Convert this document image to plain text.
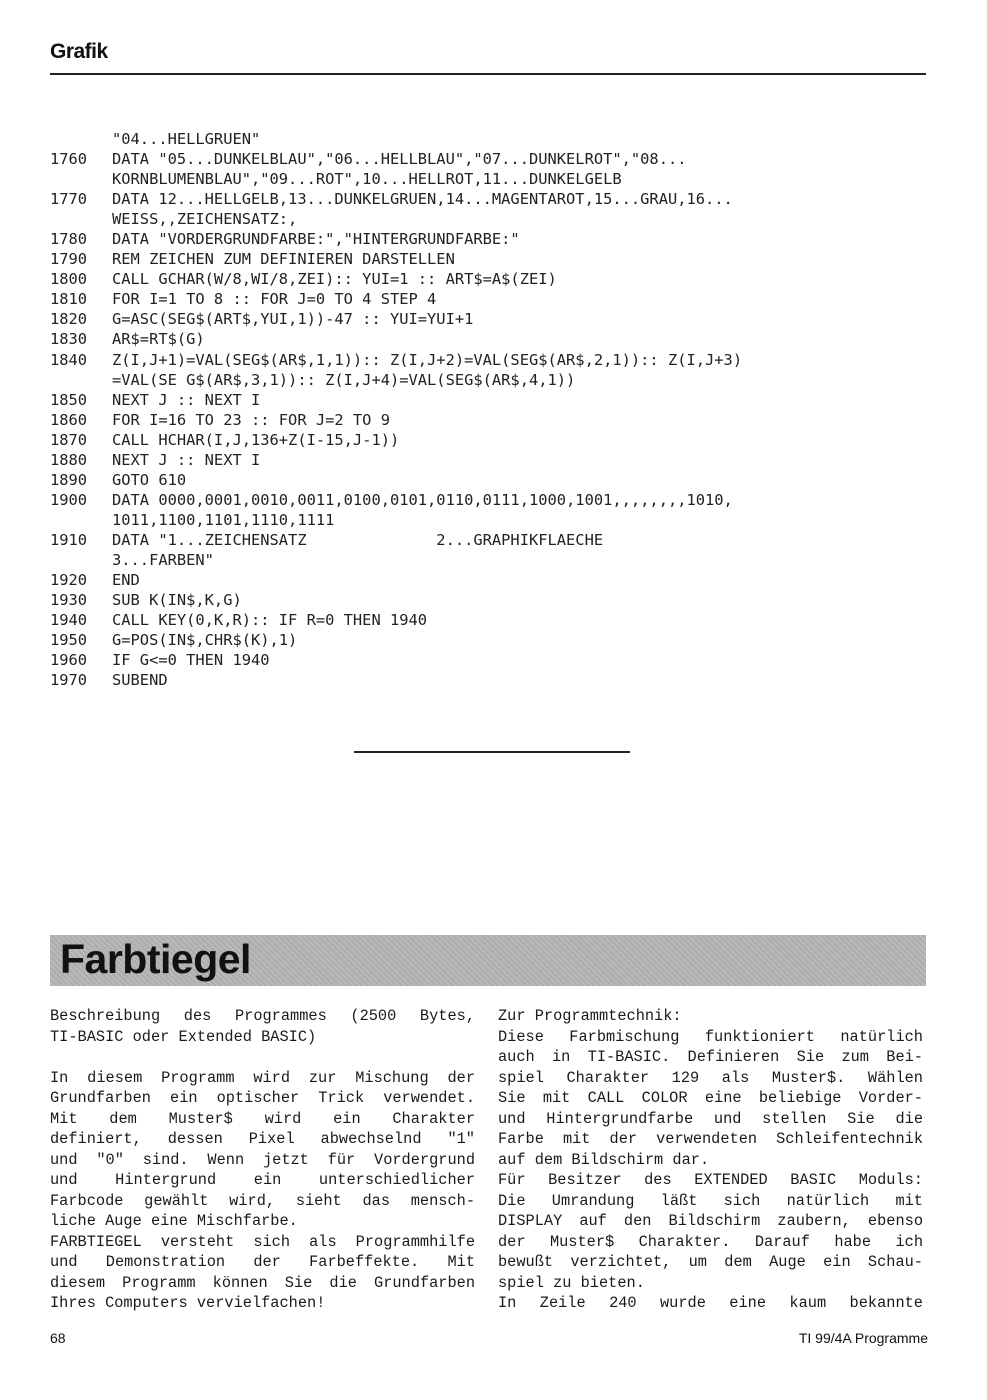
Grafik
"04...HELLGRUEN"
1760 DATA "05...DUNKELBLAU","06...HELLBLAU","07...DUNKELROT","08...
KORNBLUMENBLAU","09...ROT",10...HELLROT,11...DUNKELGELB
1770 DATA 12...HELLGELB,13...DUNKELGRUEN,14...MAGENTAROT,15...GRAU,16...
WEISS,,ZEICHENSATZ:,
1780 DATA "VORDERGRUNDFARBE:","HINTERGRUNDFARBE:"
1790 REM ZEICHEN ZUM DEFINIEREN DARSTELLEN
1800 CALL GCHAR(W/8,WI/8,ZEI):: YUI=1 :: ART$=A$(ZEI)
1810 FOR I=1 TO 8 :: FOR J=0 TO 4 STEP 4
1820 G=ASC(SEG$(ART$,YUI,1))-47 :: YUI=YUI+1
1830 AR$=RT$(G)
1840 Z(I,J+1)=VAL(SEG$(AR$,1,1)):: Z(I,J+2)=VAL(SEG$(AR$,2,1)):: Z(I,J+3)
=VAL(SE G$(AR$,3,1)):: Z(I,J+4)=VAL(SEG$(AR$,4,1))
1850 NEXT J :: NEXT I
1860 FOR I=16 TO 23 :: FOR J=2 TO 9
1870 CALL HCHAR(I,J,136+Z(I-15,J-1))
1880 NEXT J :: NEXT I
1890 GOTO 610
1900 DATA 0000,0001,0010,0011,0100,0101,0110,0111,1000,1001,,,,,,,,1010,
1011,1100,1101,1110,1111
1910 DATA "1...ZEICHENSATZ              2...GRAPHIKFLAECHE
3...FARBEN"
1920 END
1930 SUB K(IN$,K,G)
1940 CALL KEY(0,K,R):: IF R=0 THEN 1940
1950 G=POS(IN$,CHR$(K),1)
1960 IF G<=0 THEN 1940
1970 SUBEND
Farbtiegel
Beschreibung des Programmes (2500 Bytes,
TI-BASIC oder Extended BASIC)
In diesem Programm wird zur Mischung der
Grundfarben ein optischer Trick verwendet.
Mit dem Muster$ wird ein Charakter
definiert, dessen Pixel abwechselnd "1"
und "0" sind. Wenn jetzt für Vordergrund
und Hintergrund ein unterschiedlicher
Farbcode gewählt wird, sieht das mensch-
liche Auge eine Mischfarbe.
FARBTIEGEL versteht sich als Programmhilfe
und Demonstration der Farbeffekte. Mit
diesem Programm können Sie die Grundfarben
Ihres Computers vervielfachen!
Zur Programmtechnik:
Diese Farbmischung funktioniert natürlich
auch in TI-BASIC. Definieren Sie zum Bei-
spiel Charakter 129 als Muster$. Wählen
Sie mit CALL COLOR eine beliebige Vorder-
und Hintergrundfarbe und stellen Sie die
Farbe mit der verwendeten Schleifentechnik
auf dem Bildschirm dar.
Für Besitzer des EXTENDED BASIC Moduls:
Die Umrandung läßt sich natürlich mit
DISPLAY auf den Bildschirm zaubern, ebenso
der Muster$ Charakter. Darauf habe ich
bewußt verzichtet, um dem Auge ein Schau-
spiel zu bieten.
In Zeile 240 wurde eine kaum bekannte
68	TI 99/4A Programme
